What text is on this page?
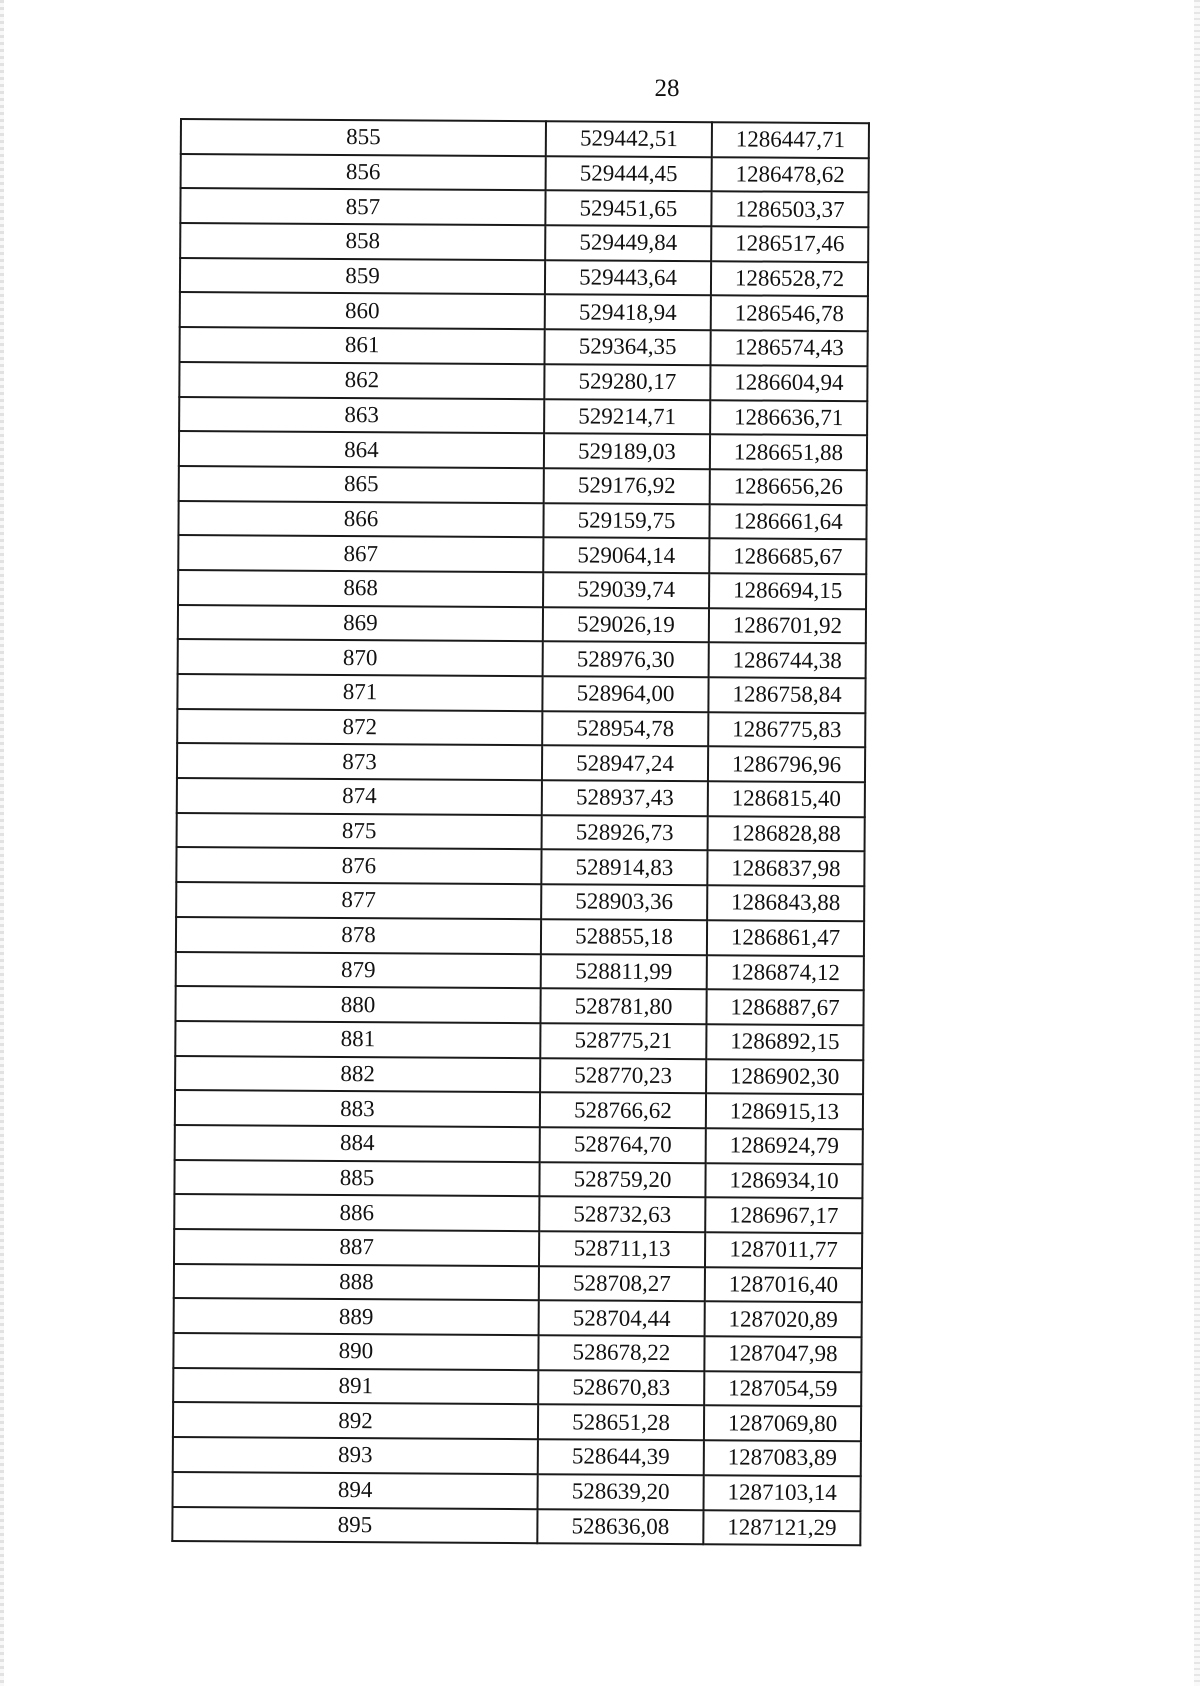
28
855	529442,51	1286447,71
856	529444,45	1286478,62
857	529451,65	1286503,37
858	529449,84	1286517,46
859	529443,64	1286528,72
860	529418,94	1286546,78
861	529364,35	1286574,43
862	529280,17	1286604,94
863	529214,71	1286636,71
864	529189,03	1286651,88
865	529176,92	1286656,26
866	529159,75	1286661,64
867	529064,14	1286685,67
868	529039,74	1286694,15
869	529026,19	1286701,92
870	528976,30	1286744,38
871	528964,00	1286758,84
872	528954,78	1286775,83
873	528947,24	1286796,96
874	528937,43	1286815,40
875	528926,73	1286828,88
876	528914,83	1286837,98
877	528903,36	1286843,88
878	528855,18	1286861,47
879	528811,99	1286874,12
880	528781,80	1286887,67
881	528775,21	1286892,15
882	528770,23	1286902,30
883	528766,62	1286915,13
884	528764,70	1286924,79
885	528759,20	1286934,10
886	528732,63	1286967,17
887	528711,13	1287011,77
888	528708,27	1287016,40
889	528704,44	1287020,89
890	528678,22	1287047,98
891	528670,83	1287054,59
892	528651,28	1287069,80
893	528644,39	1287083,89
894	528639,20	1287103,14
895	528636,08	1287121,29
